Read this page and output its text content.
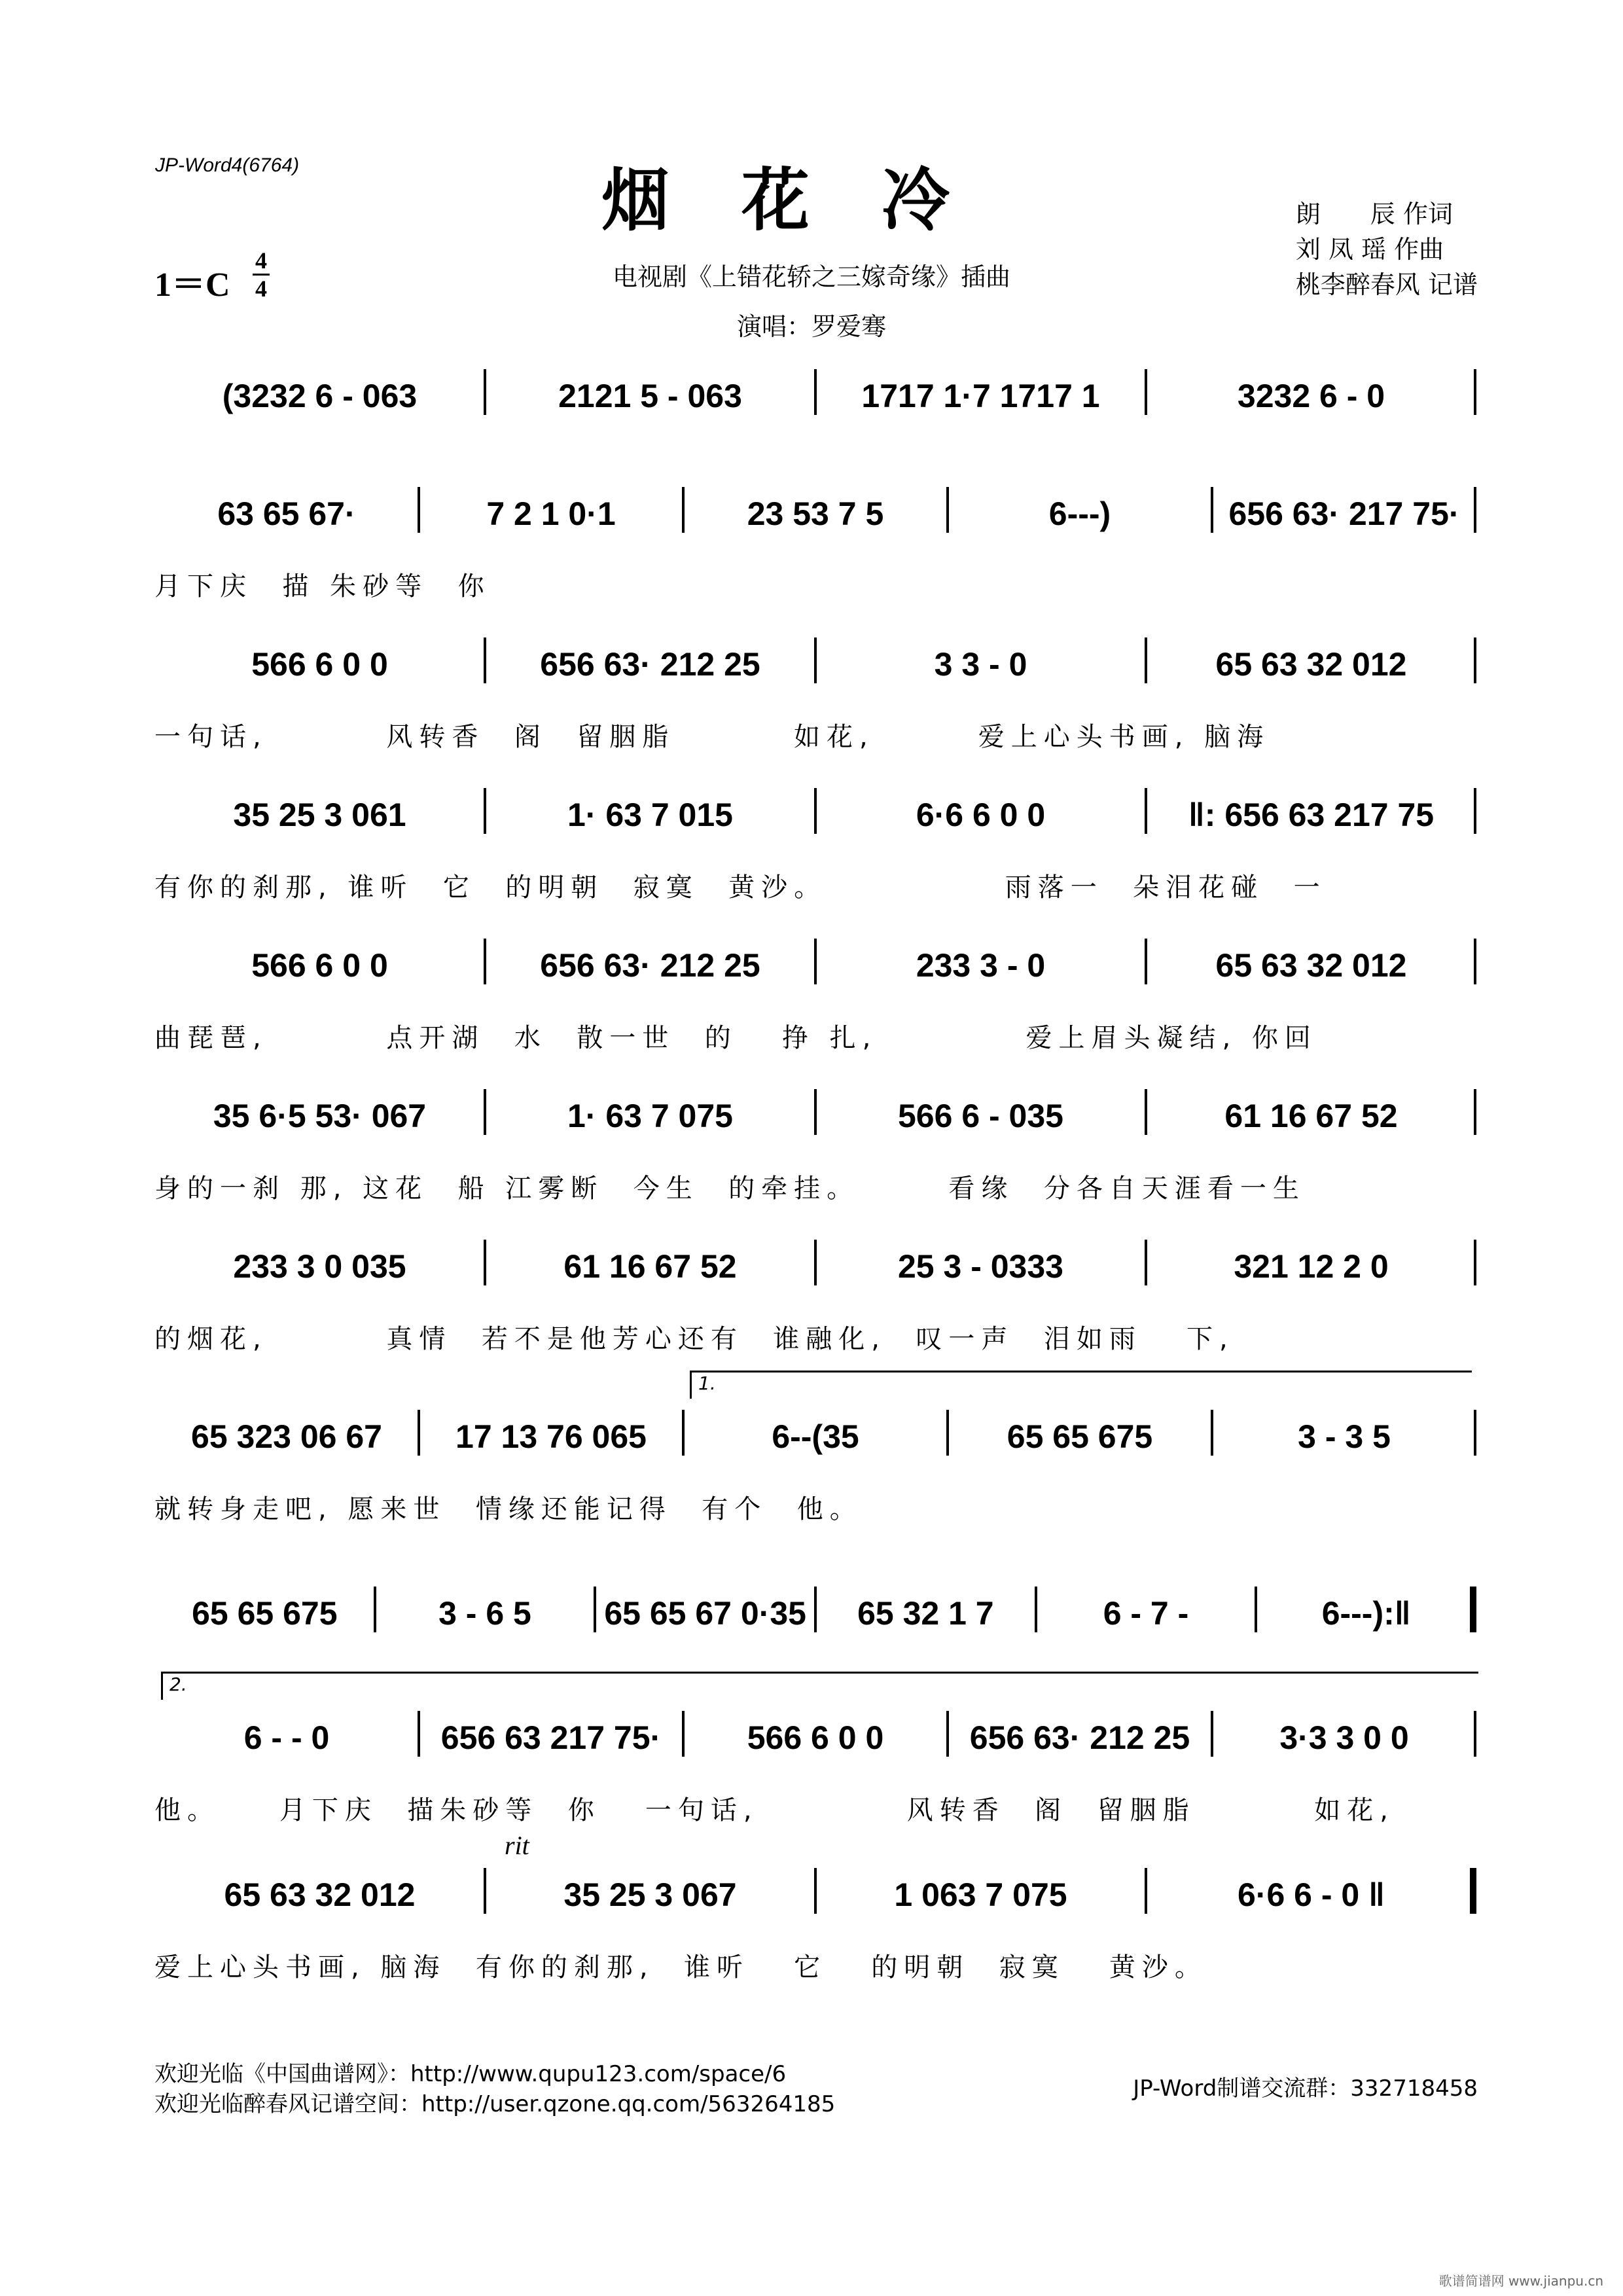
JP-Word4(6764)	烟花冷
1＝C
4
4	电视剧《上错花轿之三嫁奇缘》插曲
演唱：罗爱骞
朗　　辰 作词
刘 凤 瑶 作曲
桃李醉春风 记谱
(3232 6 - 063	2121 5 - 063	1717 1·7 1717 1	3232 6 - 0
63 65 67·	7 2 1 0·1	23 53 7 5	6---)	656 63· 217 75·
月下庆  描 朱砂等  你
566 6 0 0	656 63· 212 25	3 3 - 0	65 63 32 012
一句话,        风转香  阁  留胭脂        如花,       爱上心头书画, 脑海
35 25 3 061	1· 63 7 015	6·6 6 0 0	‖: 656 63 217 75
有你的刹那, 谁听  它  的明朝  寂寞  黄沙。            雨落一  朵泪花碰  一
566 6 0 0	656 63· 212 25	233 3 - 0	65 63 32 012
曲琵琶,        点开湖  水  散一世  的   挣 扎,          爱上眉头凝结, 你回
35 6·5 53· 067	1· 63 7 075	566 6 - 035	61 16 67 52
身的一刹 那, 这花  船 江雾断  今生  的牵挂。      看缘  分各自天涯看一生
233 3 0 035	61 16 67 52	25 3 - 0333	321 12 2 0
的烟花,        真情  若不是他芳心还有  谁融化,  叹一声  泪如雨   下,
65 323 06 67	17 13 76 065	6--(35	65 65 675	3 - 3 5
就转身走吧, 愿来世  情缘还能记得  有个  他。
1.
65 65 675	3 - 6 5	65 65 67 0·35	65 32 1 7	6 - 7 -	6---):‖
6 - - 0	656 63 217 75·	566 6 0 0	656 63· 212 25	3·3 3 0 0
他。    月下庆  描朱砂等  你   一句话,          风转香  阁  留胭脂        如花,
2.
65 63 32 012	35 25 3 067	1 063 7 075	6·6 6 - 0 ‖
爱上心头书画, 脑海  有你的刹那,  谁听   它   的明朝  寂寞   黄沙。
rit
欢迎光临《中国曲谱网》：http://www.qupu123.com/space/6
欢迎光临醉春风记谱空间：http://user.qzone.qq.com/563264185
JP-Word制谱交流群：332718458
歌谱简谱网 www.jianpu.cn
